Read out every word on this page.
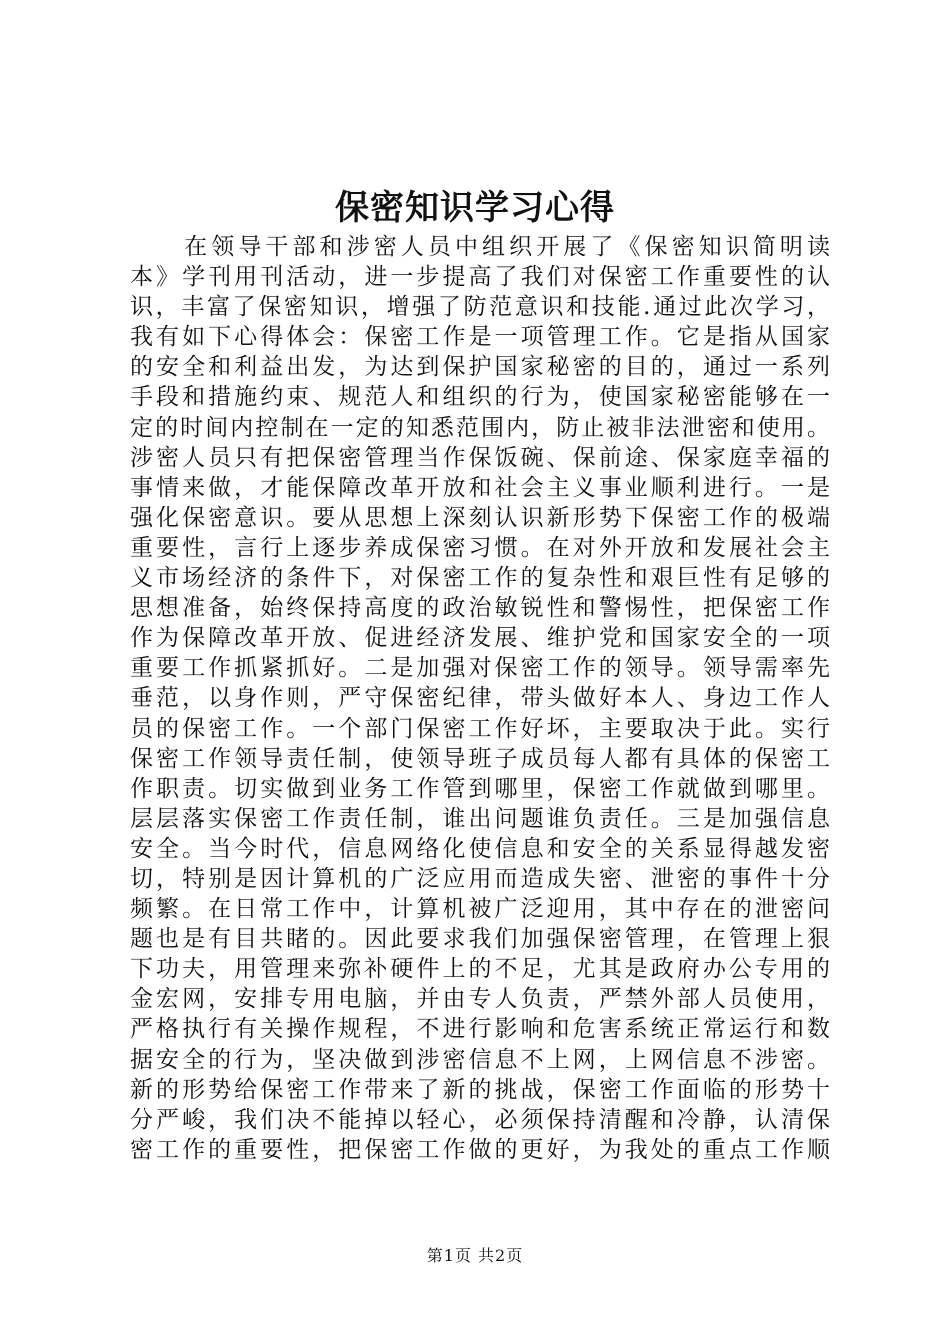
保密知识学习心得
　　在领导干部和涉密人员中组织开展了《保密知识简明读
本》学刊用刊活动，进一步提高了我们对保密工作重要性的认
识，丰富了保密知识，增强了防范意识和技能.通过此次学习，
我有如下心得体会：保密工作是一项管理工作。它是指从国家
的安全和利益出发，为达到保护国家秘密的目的，通过一系列
手段和措施约束、规范人和组织的行为，使国家秘密能够在一
定的时间内控制在一定的知悉范围内，防止被非法泄密和使用。
涉密人员只有把保密管理当作保饭碗、保前途、保家庭幸福的
事情来做，才能保障改革开放和社会主义事业顺利进行。一是
强化保密意识。要从思想上深刻认识新形势下保密工作的极端
重要性，言行上逐步养成保密习惯。在对外开放和发展社会主
义市场经济的条件下，对保密工作的复杂性和艰巨性有足够的
思想准备，始终保持高度的政治敏锐性和警惕性，把保密工作
作为保障改革开放、促进经济发展、维护党和国家安全的一项
重要工作抓紧抓好。二是加强对保密工作的领导。领导需率先
垂范，以身作则，严守保密纪律，带头做好本人、身边工作人
员的保密工作。一个部门保密工作好坏，主要取决于此。实行
保密工作领导责任制，使领导班子成员每人都有具体的保密工
作职责。切实做到业务工作管到哪里，保密工作就做到哪里。
层层落实保密工作责任制，谁出问题谁负责任。三是加强信息
安全。当今时代，信息网络化使信息和安全的关系显得越发密
切，特别是因计算机的广泛应用而造成失密、泄密的事件十分
频繁。在日常工作中，计算机被广泛迎用，其中存在的泄密问
题也是有目共睹的。因此要求我们加强保密管理，在管理上狠
下功夫，用管理来弥补硬件上的不足，尤其是政府办公专用的
金宏网，安排专用电脑，并由专人负责，严禁外部人员使用，
严格执行有关操作规程，不进行影响和危害系统正常运行和数
据安全的行为，坚决做到涉密信息不上网，上网信息不涉密。
新的形势给保密工作带来了新的挑战，保密工作面临的形势十
分严峻，我们决不能掉以轻心，必须保持清醒和冷静，认清保
密工作的重要性，把保密工作做的更好，为我处的重点工作顺
第1页 共2页
